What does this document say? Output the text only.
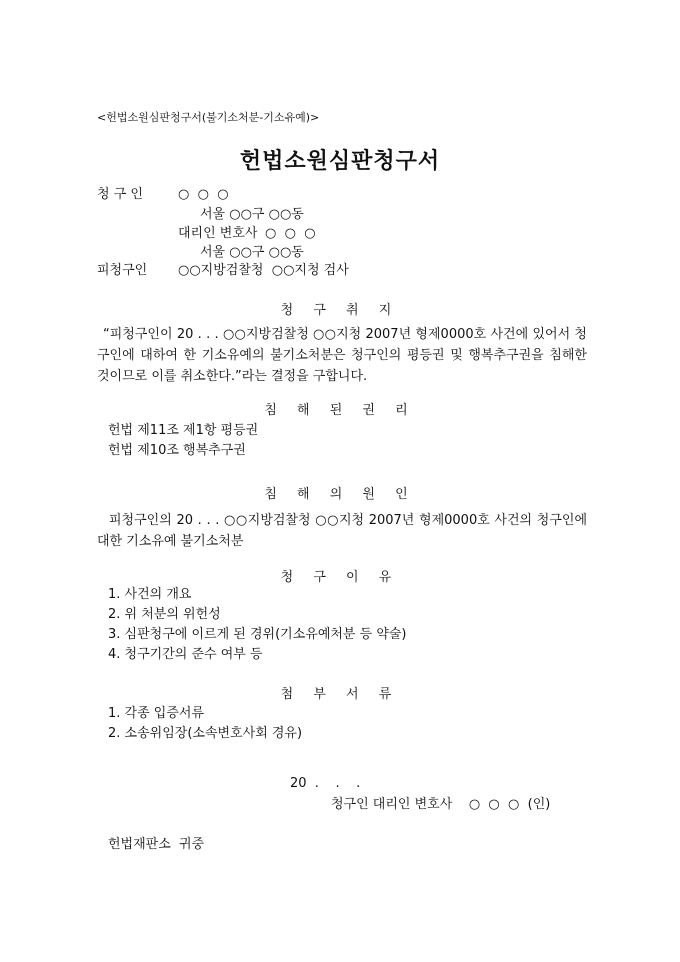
<헌법소원심판청구서(불기소처분-기소유예)>
헌법소원심판청구서
청 구 인	○  ○  ○
서울 ○○구 ○○동
대리인 변호사 ○  ○  ○
서울 ○○구 ○○동
피청구인 ○○지방검찰청  ○○지청 검사
청 구 취 지
“피청구인이 20 . . . ○○지방검찰청 ○○지청 2007년 형제0000호 사건에 있어서 청구인에 대하여 한 기소유예의 불기소처분은 청구인의 평등권 및 행복추구권을 침해한 것이므로 이를 취소한다.”라는 결정을 구합니다.
침 해 된 권 리
헌법 제11조 제1항 평등권
헌법 제10조 행복추구권
침 해 의 원 인
피청구인의 20 . . . ○○지방검찰청 ○○지청 2007년 형제0000호 사건의 청구인에 대한 기소유예 불기소처분
청 구 이 유
1. 사건의 개요
2. 위 처분의 위헌성
3. 심판청구에 이르게 된 경위(기소유예처분 등 약술)
4. 청구기간의 준수 여부 등
첨 부 서 류
1. 각종 입증서류
2. 소송위임장(소속변호사회 경유)
20  .    .    .
청구인 대리인 변호사    ○  ○  ○  (인)
헌법재판소  귀중
